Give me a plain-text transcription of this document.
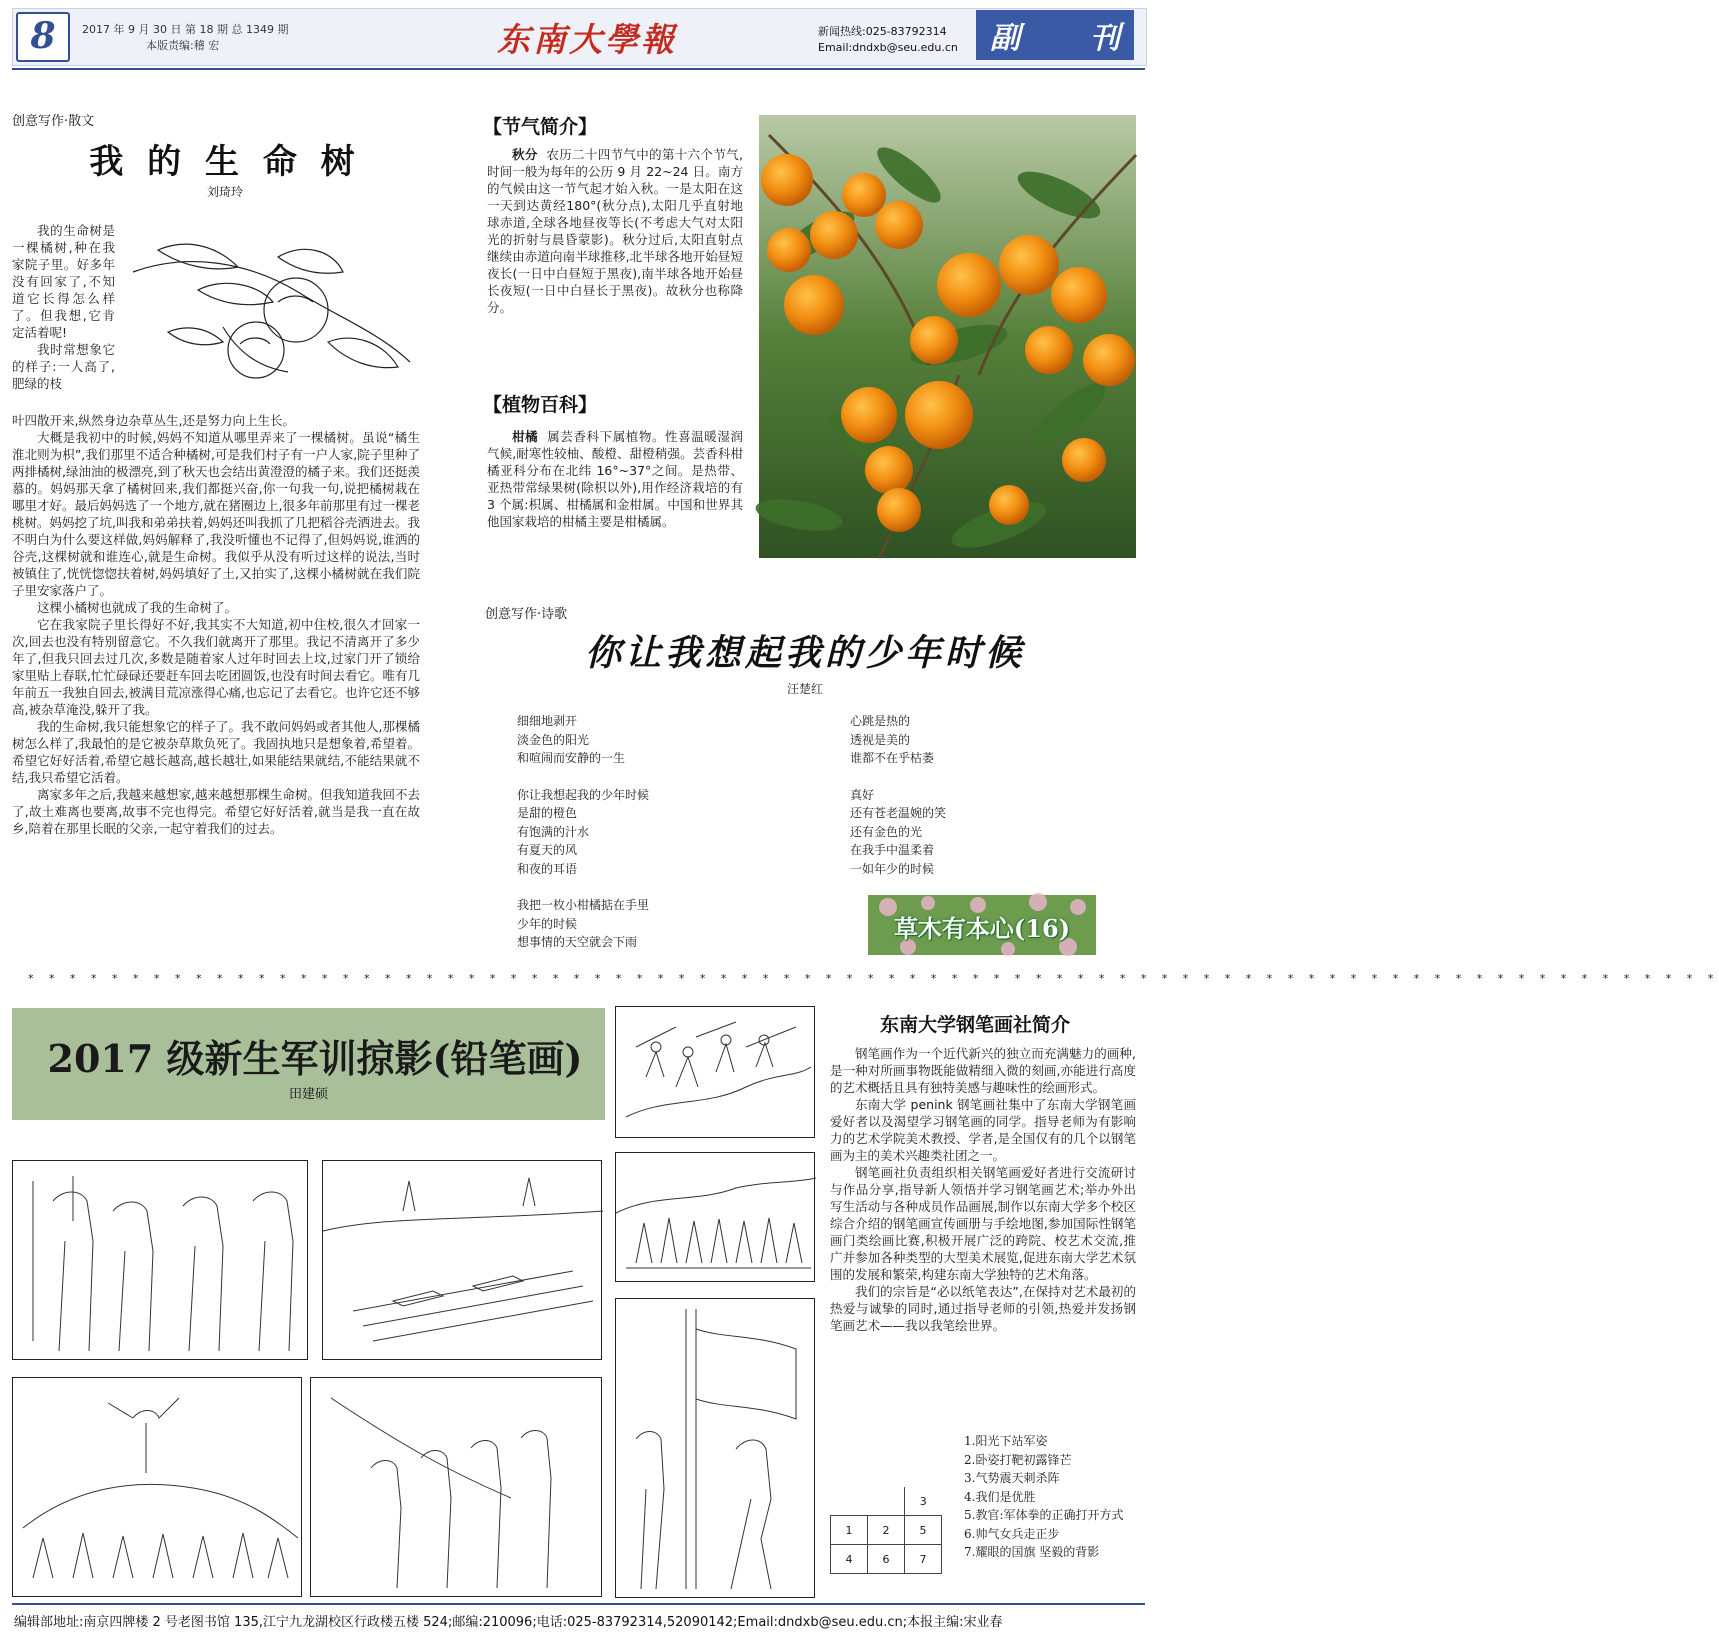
8	2017 年 9 月 30 日 第 18 期 总 1349 期
本版责编:稽 宏	东南大學報	新闻热线:025-83792314
Email:dndxb@seu.edu.cn 副 刊
创意写作·散文
我 的 生 命 树
刘琦玲

我的生命树是一棵橘树,种在我家院子里。好多年没有回家了,不知道它长得怎么样了。但我想,它肯定活着呢!

我时常想象它的样子:一人高了,肥绿的枝

叶四散开来,纵然身边杂草丛生,还是努力向上生长。

大概是我初中的时候,妈妈不知道从哪里弄来了一棵橘树。虽说“橘生淮北则为枳”,我们那里不适合种橘树,可是我们村子有一户人家,院子里种了两排橘树,绿油油的极漂亮,到了秋天也会结出黄澄澄的橘子来。我们还挺羡慕的。妈妈那天拿了橘树回来,我们都挺兴奋,你一句我一句,说把橘树栽在哪里才好。最后妈妈选了一个地方,就在猪圈边上,很多年前那里有过一棵老桃树。妈妈挖了坑,叫我和弟弟扶着,妈妈还叫我抓了几把稻谷壳洒进去。我不明白为什么要这样做,妈妈解释了,我没听懂也不记得了,但妈妈说,谁洒的谷壳,这棵树就和谁连心,就是生命树。我似乎从没有听过这样的说法,当时被镇住了,恍恍惚惚扶着树,妈妈填好了土,又拍实了,这棵小橘树就在我们院子里安家落户了。

这棵小橘树也就成了我的生命树了。

它在我家院子里长得好不好,我其实不大知道,初中住校,很久才回家一次,回去也没有特别留意它。不久我们就离开了那里。我记不清离开了多少年了,但我只回去过几次,多数是随着家人过年时回去上坟,过家门开了锁给家里贴上春联,忙忙碌碌还要赶车回去吃团圆饭,也没有时间去看它。唯有几年前五一我独自回去,被满目荒凉涨得心痛,也忘记了去看它。也许它还不够高,被杂草淹没,躲开了我。

我的生命树,我只能想象它的样子了。我不敢问妈妈或者其他人,那棵橘树怎么样了,我最怕的是它被杂草欺负死了。我固执地只是想象着,希望着。希望它好好活着,希望它越长越高,越长越壮,如果能结果就结,不能结果就不结,我只希望它活着。

离家多年之后,我越来越想家,越来越想那棵生命树。但我知道我回不去了,故土难离也要离,故事不完也得完。希望它好好活着,就当是我一直在故乡,陪着在那里长眠的父亲,一起守着我们的过去。

【节气简介】

秋分 农历二十四节气中的第十六个节气,时间一般为每年的公历 9 月 22~24 日。南方的气候由这一节气起才始入秋。一是太阳在这一天到达黄经180°(秋分点),太阳几乎直射地球赤道,全球各地昼夜等长(不考虑大气对太阳光的折射与晨昏蒙影)。秋分过后,太阳直射点继续由赤道向南半球推移,北半球各地开始昼短夜长(一日中白昼短于黑夜),南半球各地开始昼长夜短(一日中白昼长于黑夜)。故秋分也称降分。

【植物百科】

柑橘 属芸香科下属植物。性喜温暖湿润气候,耐寒性较柚、酸橙、甜橙稍强。芸香科柑橘亚科分布在北纬 16°~37°之间。是热带、亚热带常绿果树(除枳以外),用作经济栽培的有 3 个属:枳属、柑橘属和金柑属。中国和世界其他国家栽培的柑橘主要是柑橘属。

创意写作·诗歌
你让我想起我的少年时候
汪楚红
细细地剥开
淡金色的阳光
和喧闹而安静的一生
你让我想起我的少年时候
是甜的橙色
有饱满的汁水
有夏天的风
和夜的耳语
我把一枚小柑橘掂在手里
少年的时候
想事情的天空就会下雨
心跳是热的
透视是美的
谁都不在乎枯萎
真好
还有苍老温婉的笑
还有金色的光
在我手中温柔着
一如年少的时候
草木有本心(16)
* * * * * * * * * * * * * * * * * * * * * * * * * * * * * * * * * * * * * * * * * * * * * * * * * * * * * * * * * * * * * * * * * * * * * * * * * * * * * * * * *
2017 级新生军训掠影(铅笔画)
田建硕
东南大学钢笔画社简介

钢笔画作为一个近代新兴的独立而充满魅力的画种,是一种对所画事物既能做精细入微的刻画,亦能进行高度的艺术概括且具有独特美感与趣味性的绘画形式。

东南大学 penink 钢笔画社集中了东南大学钢笔画爱好者以及渴望学习钢笔画的同学。指导老师为有影响力的艺术学院美术教授、学者,是全国仅有的几个以钢笔画为主的美术兴趣类社团之一。

钢笔画社负责组织相关钢笔画爱好者进行交流研讨与作品分享,指导新人领悟并学习钢笔画艺术;举办外出写生活动与各种成员作品画展,制作以东南大学多个校区综合介绍的钢笔画宣传画册与手绘地图,参加国际性钢笔画门类绘画比赛,积极开展广泛的跨院、校艺术交流,推广并参加各种类型的大型美术展览,促进东南大学艺术氛围的发展和繁荣,构建东南大学独特的艺术角落。

我们的宗旨是“必以纸笔表达”,在保持对艺术最初的热爱与诚挚的同时,通过指导老师的引领,热爱并发扬钢笔画艺术——我以我笔绘世界。

1.阳光下站军姿
2.卧姿打靶初露锋芒
3.气势震天刺杀阵
4.我们是优胜
5.教官:军体拳的正确打开方式
6.帅气女兵走正步
7.耀眼的国旗 坚毅的背影
		3
1	2	5
4	6	7
编辑部地址:南京四牌楼 2 号老图书馆 135,江宁九龙湖校区行政楼五楼 524;邮编:210096;电话:025-83792314,52090142;Email:dndxb@seu.edu.cn;本报主编:宋业春
